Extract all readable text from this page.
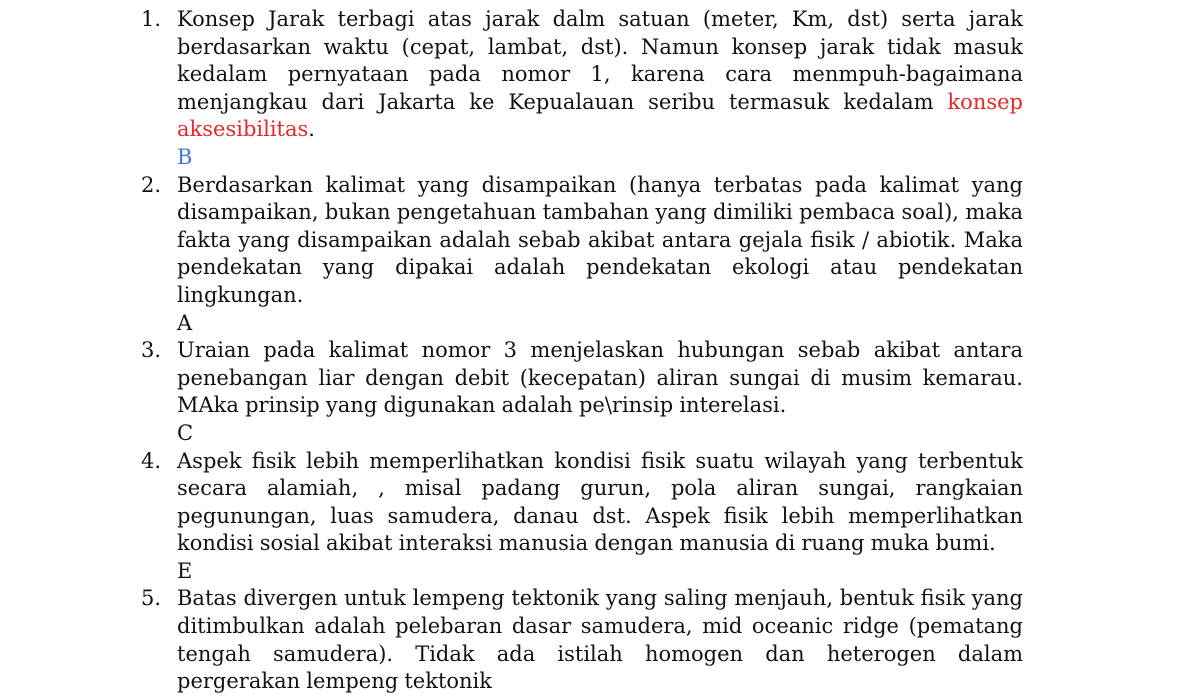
1. Konsep Jarak terbagi atas jarak dalm satuan (meter, Km, dst) serta jarak berdasarkan waktu (cepat, lambat, dst). Namun konsep jarak tidak masuk kedalam pernyataan pada nomor 1, karena cara menmpuh-bagaimana menjangkau dari Jakarta ke Kepualauan seribu termasuk kedalam konsep aksesibilitas.

B

2. Berdasarkan kalimat yang disampaikan (hanya terbatas pada kalimat yang disampaikan, bukan pengetahuan tambahan yang dimiliki pembaca soal), maka fakta yang disampaikan adalah sebab akibat antara gejala fisik / abiotik. Maka pendekatan yang dipakai adalah pendekatan ekologi atau pendekatan lingkungan.

A

3. Uraian pada kalimat nomor 3 menjelaskan hubungan sebab akibat antara penebangan liar dengan debit (kecepatan) aliran sungai di musim kemarau. MAka prinsip yang digunakan adalah pe\rinsip interelasi.

C

4. Aspek fisik lebih memperlihatkan kondisi fisik suatu wilayah yang terbentuk secara alamiah, , misal padang gurun, pola aliran sungai, rangkaian pegunungan, luas samudera, danau dst. Aspek fisik lebih memperlihatkan kondisi sosial akibat interaksi manusia dengan manusia di ruang muka bumi.

E

5. Batas divergen untuk lempeng tektonik yang saling menjauh, bentuk fisik yang ditimbulkan adalah pelebaran dasar samudera, mid oceanic ridge (pematang tengah samudera). Tidak ada istilah homogen dan heterogen dalam pergerakan lempeng tektonik
